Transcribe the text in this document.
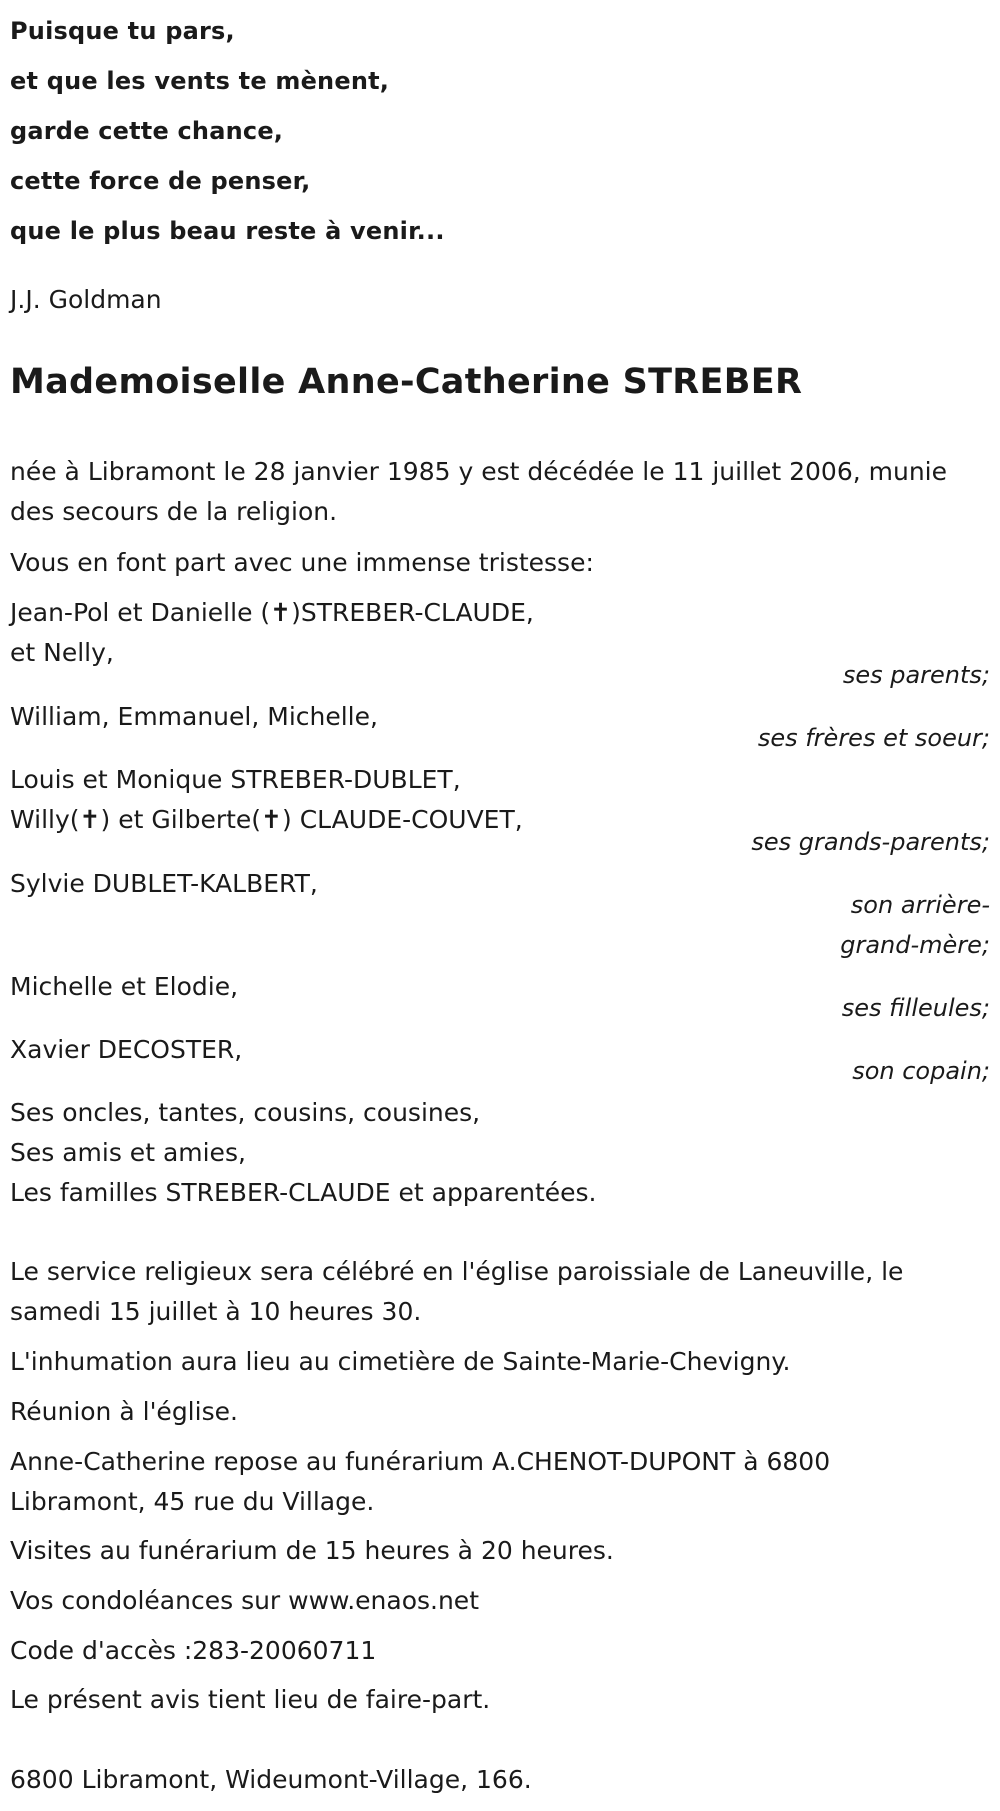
Puisque tu pars,

et que les vents te mènent,

garde cette chance,

cette force de penser,

que le plus beau reste à venir...

J.J. Goldman
Mademoiselle Anne-Catherine STREBER

née à Libramont le 28 janvier 1985 y est décédée le 11 juillet 2006, munie

des secours de la religion.

Vous en font part avec une immense tristesse:
Jean-Pol et Danielle (✝)STREBER-CLAUDE,
et Nelly,
ses parents;
William, Emmanuel, Michelle,
ses frères et soeur;
Louis et Monique STREBER-DUBLET,
Willy(✝) et Gilberte(✝) CLAUDE-COUVET,
ses grands-parents;
Sylvie DUBLET-KALBERT,
son arrière-
grand-mère;
Michelle et Elodie,
ses filleules;
Xavier DECOSTER,
son copain;

Ses oncles, tantes, cousins, cousines,

Ses amis et amies,

Les familles STREBER-CLAUDE et apparentées.

Le service religieux sera célébré en l'église paroissiale de Laneuville, le

samedi 15 juillet à 10 heures 30.

L'inhumation aura lieu au cimetière de Sainte-Marie-Chevigny.
Réunion à l'église.

Anne-Catherine repose au funérarium A.CHENOT-DUPONT à 6800

Libramont, 45 rue du Village.

Visites au funérarium de 15 heures à 20 heures.
Vos condoléances sur www.enaos.net
Code d'accès :283-20060711
Le présent avis tient lieu de faire-part.
6800 Libramont, Wideumont-Village, 166.
